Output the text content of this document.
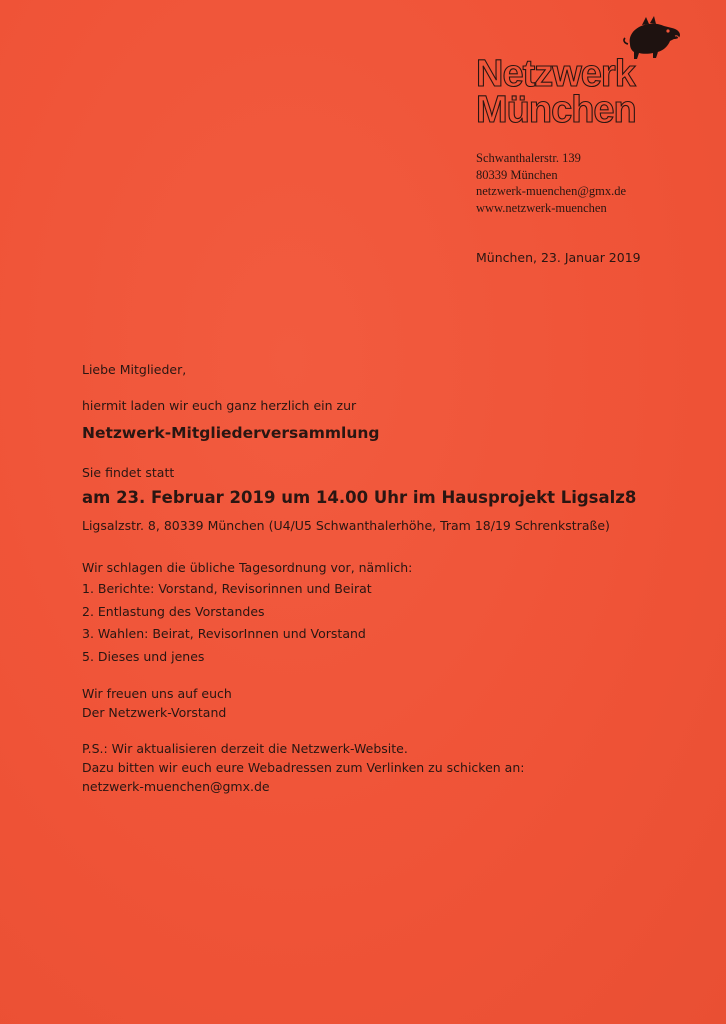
Netzwerk
München
Schwanthalerstr. 139
80339 München
netzwerk-muenchen@gmx.de
www.netzwerk-muenchen
München, 23. Januar 2019
Liebe Mitglieder,
hiermit laden wir euch ganz herzlich ein zur
Netzwerk-Mitgliederversammlung
Sie findet statt
am 23. Februar 2019 um 14.00 Uhr im Hausprojekt Ligsalz8
Ligsalzstr. 8, 80339 München (U4/U5 Schwanthalerhöhe, Tram 18/19 Schrenkstraße)
Wir schlagen die übliche Tagesordnung vor, nämlich:
1. Berichte: Vorstand, Revisorinnen und Beirat
2. Entlastung des Vorstandes
3. Wahlen: Beirat, RevisorInnen und Vorstand
5. Dieses und jenes
Wir freuen uns auf euch
Der Netzwerk-Vorstand
P.S.: Wir aktualisieren derzeit die Netzwerk-Website.
Dazu bitten wir euch eure Webadressen zum Verlinken zu schicken an:
netzwerk-muenchen@gmx.de
